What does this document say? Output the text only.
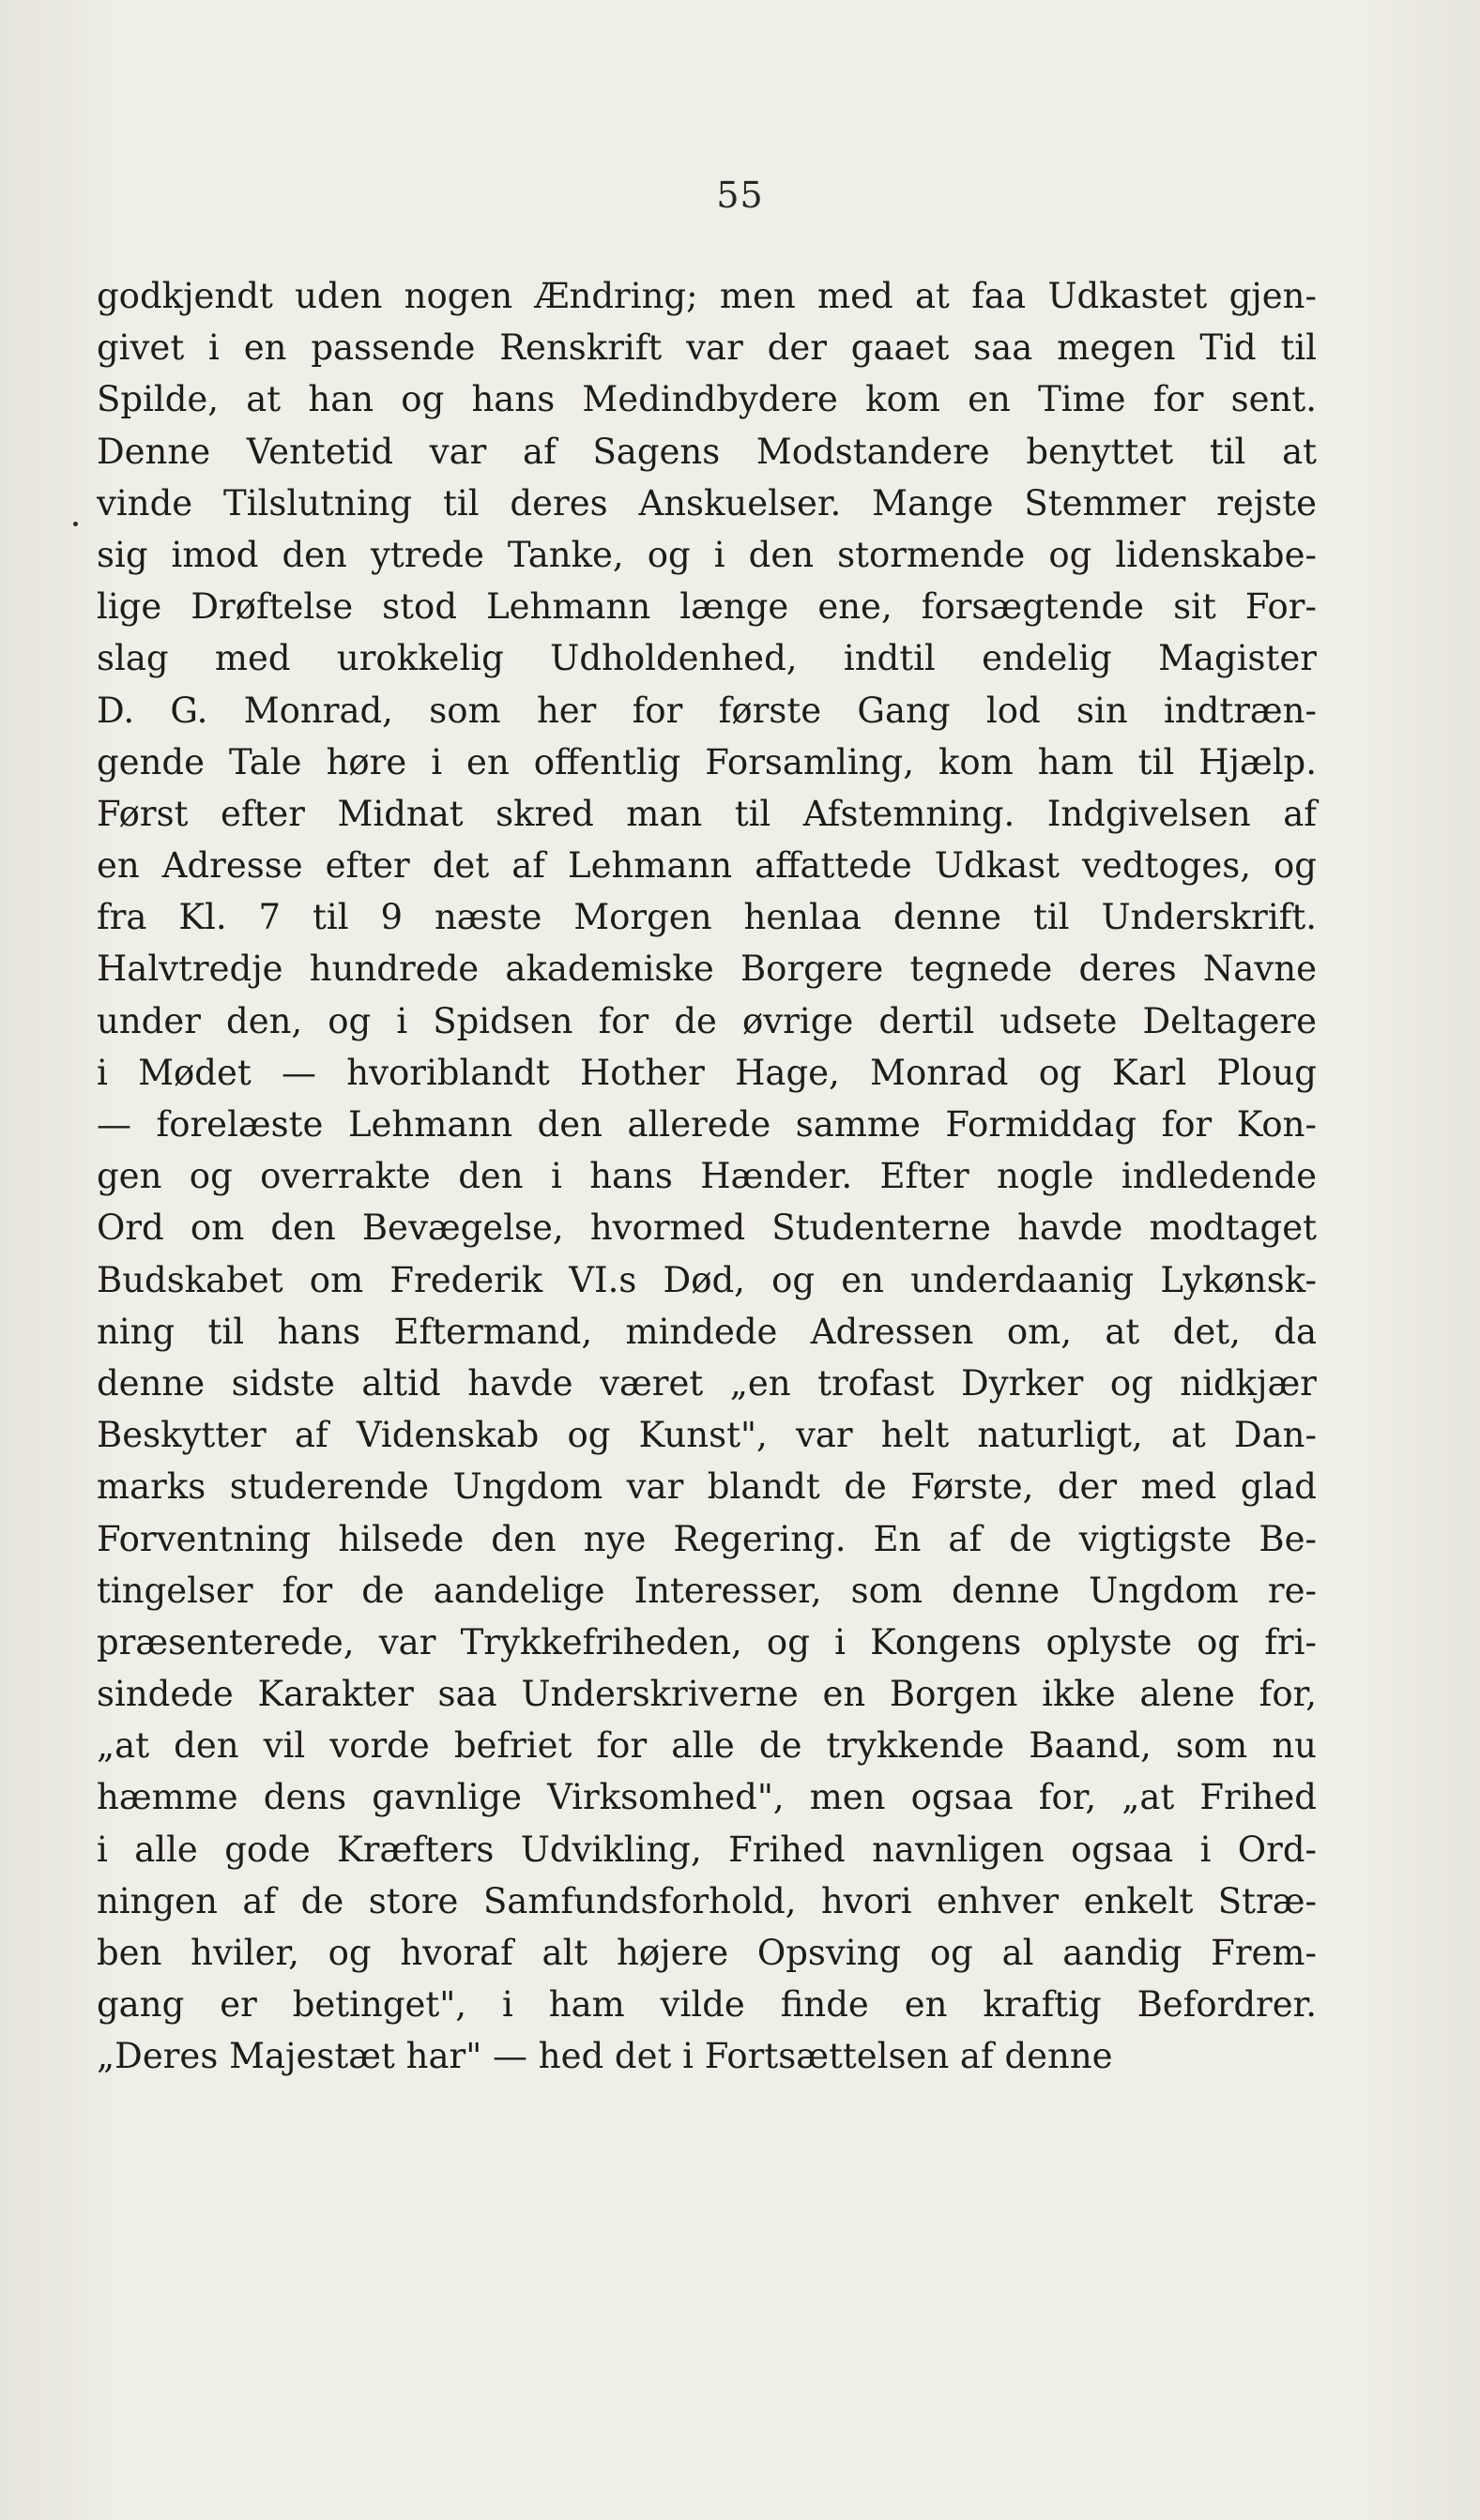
55
godkjendt uden nogen Ændring; men med at faa Udkastet gjen-
givet i en passende Renskrift var der gaaet saa megen Tid til
Spilde, at han og hans Medindbydere kom en Time for sent.
Denne Ventetid var af Sagens Modstandere benyttet til at
vinde Tilslutning til deres Anskuelser. Mange Stemmer rejste
sig imod den ytrede Tanke, og i den stormende og lidenskabe-
lige Drøftelse stod Lehmann længe ene, forsægtende sit For-
slag med urokkelig Udholdenhed, indtil endelig Magister
D. G. Monrad, som her for første Gang lod sin indtræn-
gende Tale høre i en offentlig Forsamling, kom ham til Hjælp.
Først efter Midnat skred man til Afstemning. Indgivelsen af
en Adresse efter det af Lehmann affattede Udkast vedtoges, og
fra Kl. 7 til 9 næste Morgen henlaa denne til Underskrift.
Halvtredje hundrede akademiske Borgere tegnede deres Navne
under den, og i Spidsen for de øvrige dertil udsete Deltagere
i Mødet — hvoriblandt Hother Hage, Monrad og Karl Ploug
— forelæste Lehmann den allerede samme Formiddag for Kon-
gen og overrakte den i hans Hænder. Efter nogle indledende
Ord om den Bevægelse, hvormed Studenterne havde modtaget
Budskabet om Frederik VI.s Død, og en underdaanig Lykønsk-
ning til hans Eftermand, mindede Adressen om, at det, da
denne sidste altid havde været „en trofast Dyrker og nidkjær
Beskytter af Videnskab og Kunst", var helt naturligt, at Dan-
marks studerende Ungdom var blandt de Første, der med glad
Forventning hilsede den nye Regering. En af de vigtigste Be-
tingelser for de aandelige Interesser, som denne Ungdom re-
præsenterede, var Trykkefriheden, og i Kongens oplyste og fri-
sindede Karakter saa Underskriverne en Borgen ikke alene for,
„at den vil vorde befriet for alle de trykkende Baand, som nu
hæmme dens gavnlige Virksomhed", men ogsaa for, „at Frihed
i alle gode Kræfters Udvikling, Frihed navnligen ogsaa i Ord-
ningen af de store Samfundsforhold, hvori enhver enkelt Stræ-
ben hviler, og hvoraf alt højere Opsving og al aandig Frem-
gang er betinget", i ham vilde finde en kraftig Befordrer.
„Deres Majestæt har" — hed det i Fortsættelsen af denne
